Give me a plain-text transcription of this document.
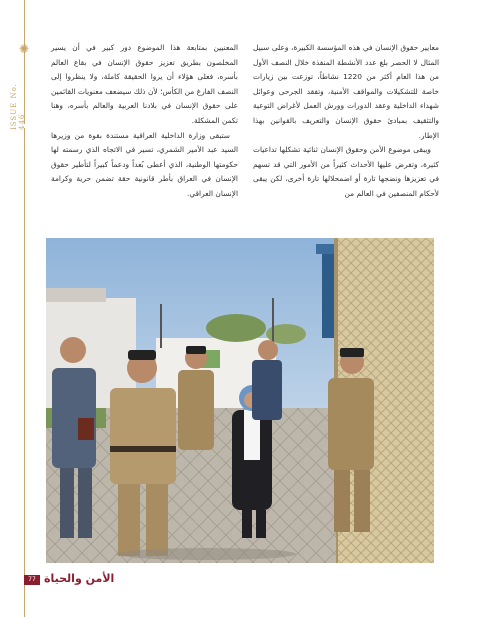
✺
ISSUE No. 446

معايير حقوق الإنسان في هذه المؤسسة الكبيرة، وعلى سبيل المثال لا الحصر بلغ عدد الأنشطة المنفذة خلال النصف الأول من هذا العام أكثر من 1220 نشاطاً، توزعت بين زيارات خاصة للتشكيلات والمواقف الأمنية، وتفقد الجرحى وعوائل شهداء الداخلية وعقد الدورات وورش العمل لأغراض التوعية والتثقيف بمبادئ حقوق الإنسان والتعريف بالقوانين بهذا الإطار.

ويبقى موضوع الأمن وحقوق الإنسان ثنائية تشكلها تداعيات كثيرة، وتفرض عليها الأحداث كثيراً من الأمور التي قد تسهم في تعزيزها ونضجها تارة أو اضمحلالها تارة أخرى، لكن يبقى لأحكام المنصفين في العالم من

المعنيين بمتابعة هذا الموضوع دور كبير في أن يسير المخلصون بطريق تعزيز حقوق الإنسان في بقاع العالم بأسره، فعلى هؤلاء أن يروا الحقيقة كاملة، ولا ينظروا إلى النصف الفارغ من الكأس؛ لأن ذلك سيضعف معنويات القائمين على حقوق الإنسان في بلادنا العربية والعالم بأسره، وهنا تكمن المشكلة.

ستبقى وزارة الداخلية العراقية مستندة بقوة من وزيرها السيد عبد الأمير الشمري، تسير في الاتجاه الذي رسمته لها حكومتها الوطنية، الذي أعطى بُعداً ودعماً كبيراً لتأطير حقوق الإنسان في العراق بأطر قانونية حقة تضمن حرية وكرامة الإنسان العراقي.

77 الأمن والحياة
